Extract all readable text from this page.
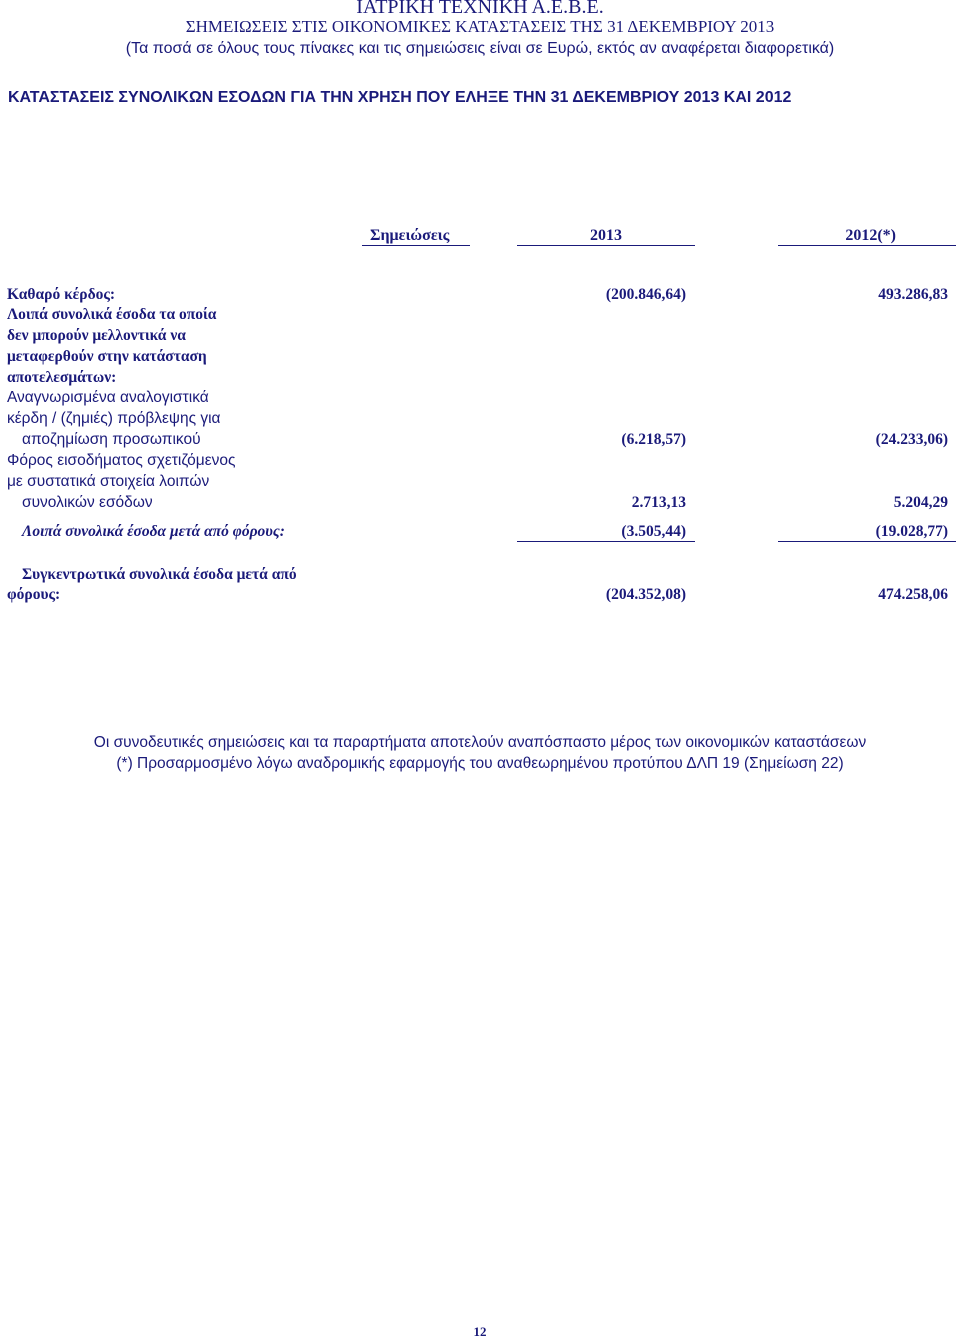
ΙΑΤΡΙΚΗ ΤΕΧΝΙΚΗ Α.Ε.Β.Ε.
ΣΗΜΕΙΩΣΕΙΣ ΣΤΙΣ ΟΙΚΟΝΟΜΙΚΕΣ ΚΑΤΑΣΤΑΣΕΙΣ ΤΗΣ 31 ΔΕΚΕΜΒΡΙΟΥ 2013
(Τα ποσά σε όλους τους πίνακες και τις σημειώσεις είναι σε Ευρώ, εκτός αν αναφέρεται διαφορετικά)
ΚΑΤΑΣΤΑΣΕΙΣ ΣΥΝΟΛΙΚΩΝ ΕΣΟΔΩΝ ΓΙΑ ΤΗΝ ΧΡΗΣΗ ΠΟΥ ΕΛΗΞΕ ΤΗΝ 31 ΔΕΚΕΜΒΡΙΟΥ 2013 ΚΑΙ 2012
Σημειώσεις	2013	2012(*)
Καθαρό κέρδος:	(200.846,64)	493.286,83
Λοιπά συνολικά έσοδα τα οποία
δεν μπορούν μελλοντικά να
μεταφερθούν στην κατάσταση
αποτελεσμάτων:
Αναγνωρισμένα αναλογιστικά
κέρδη / (ζημιές) πρόβλεψης για
αποζημίωση προσωπικού	(6.218,57)	(24.233,06)
Φόρος εισοδήματος σχετιζόμενος
με συστατικά στοιχεία λοιπών
συνολικών εσόδων	2.713,13	5.204,29
Λοιπά συνολικά έσοδα μετά από φόρους:	(3.505,44)	(19.028,77)
Συγκεντρωτικά συνολικά έσοδα μετά από
φόρους:	(204.352,08)	474.258,06
Οι συνοδευτικές σημειώσεις και τα παραρτήματα αποτελούν αναπόσπαστο μέρος των οικονομικών καταστάσεων
(*) Προσαρμοσμένο λόγω αναδρομικής εφαρμογής του αναθεωρημένου προτύπου ΔΛΠ 19 (Σημείωση 22)
12
